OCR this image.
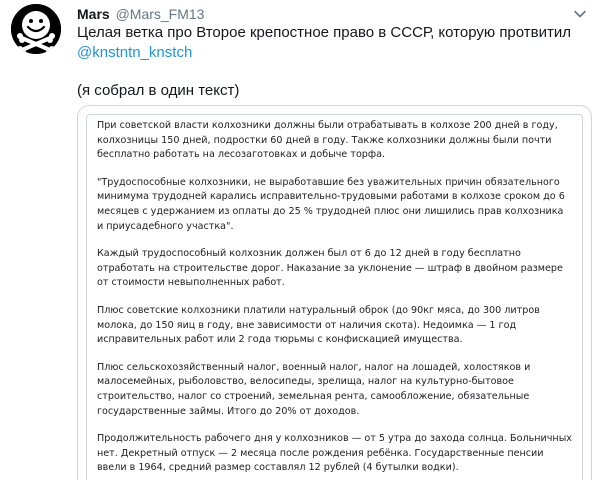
Mars @Mars_FM13
Целая ветка про Второе крепостное право в СССР, которую протвитил
@knstntn_knstch
(я собрал в один текст)

При советской власти колхозники должны были отрабатывать в колхозе 200 дней в году, колхозницы 150 дней, подростки 60 дней в году. Также колхозники должны были почти бесплатно работать на лесозаготовках и добыче торфа.

"Трудоспособные колхозники, не выработавшие без уважительных причин обязательного минимума трудодней карались исправительно-трудовыми работами в колхозе сроком до 6 месяцев с удержанием из оплаты до 25 % трудодней плюс они лишились прав колхозника и приусадебного участка".

Каждый трудоспособный колхозник должен был от 6 до 12 дней в году бесплатно отработать на строительстве дорог. Наказание за уклонение — штраф в двойном размере от стоимости невыполненных работ.

Плюс советские колхозники платили натуральный оброк (до 90кг мяса, до 300 литров молока, до 150 яиц в году, вне зависимости от наличия скота). Недоимка — 1 год исправительных работ или 2 года тюрьмы с конфискацией имущества.

Плюс сельскохозяйственный налог, военный налог, налог на лошадей, холостяков и малосемейных, рыболовство, велосипеды, зрелища, налог на культурно-бытовое строительство, налог со строений, земельная рента, самообложение, обязательные государственные займы. Итого до 20% от доходов.

Продолжительность рабочего дня у колхозников — от 5 утра до захода солнца. Больничных нет. Декретный отпуск — 2 месяца после рождения ребёнка. Государственные пенсии ввели в 1964, средний размер составлял 12 рублей (4 бутылки водки).
